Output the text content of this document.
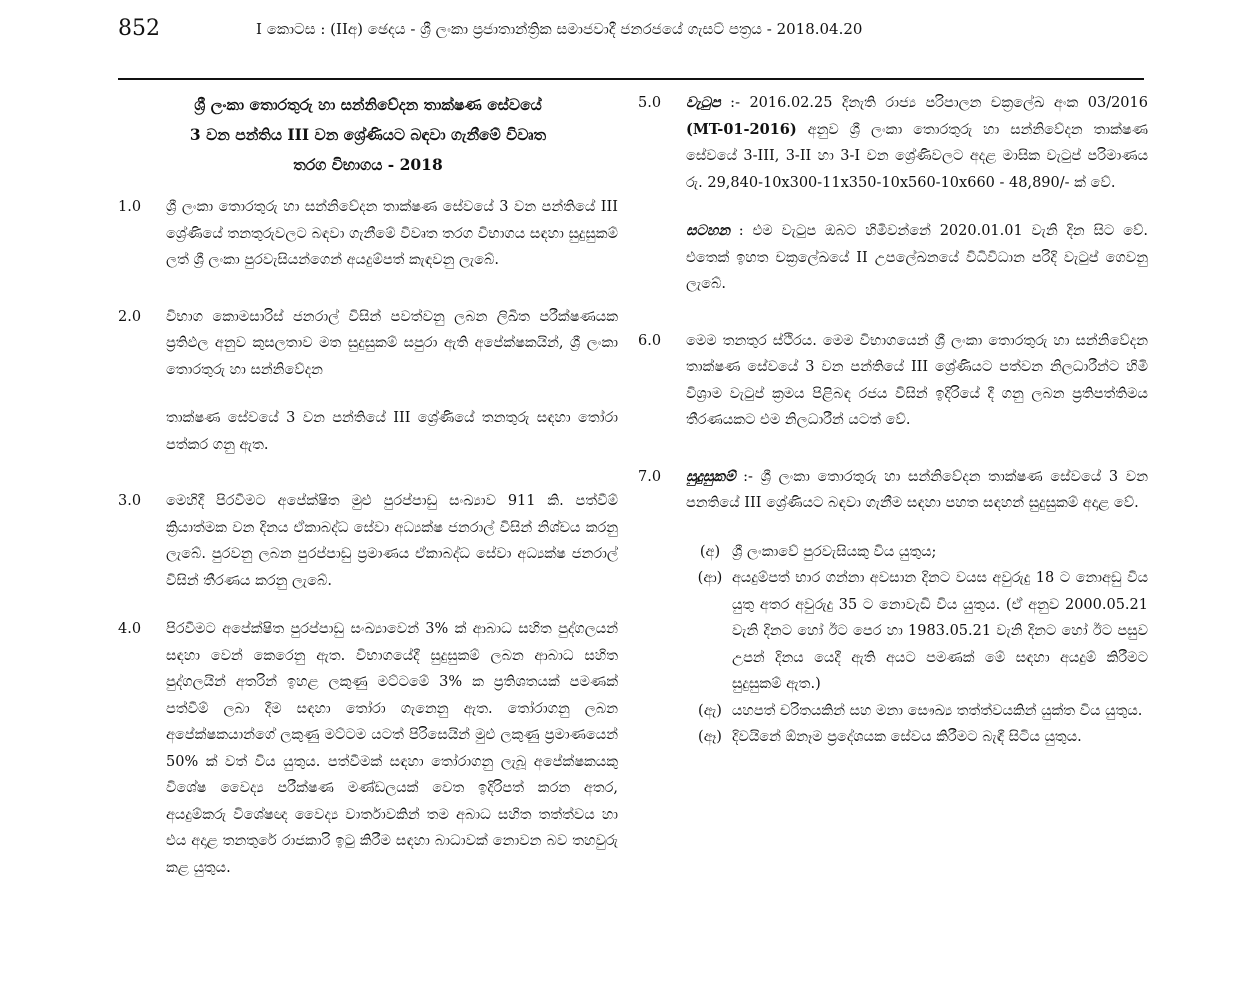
852	I කොටස : (IIඅ) ඡෙදය - ශ්‍රී ලංකා ප්‍රජාතාන්ත්‍රික සමාජවාදී ජනරජයේ ගැසට් පත්‍රය - 2018.04.20
ශ්‍රී ලංකා තොරතුරු හා සන්නිවේදන තාක්ෂණ සේවයේ
3 වන පන්තිය III වන ශ්‍රේණියට බඳවා ගැනීමේ විවෘත
තරග විභාගය - 2018
1.0	ශ්‍රී ලංකා තොරතුරු හා සන්නිවේදන තාක්ෂණ සේවයේ 3 වන පන්තියේ III ශ්‍රේණියේ තනතුරුවලට බඳවා ගැනීමේ විවෘත තරග විභාගය සඳහා සුදුසුකම් ලත් ශ්‍රී ලංකා පුරවැසියන්ගෙන් අයදුම්පත් කැඳවනු ලැබේ.
2.0	විභාග කොමසාරිස් ජනරාල් විසින් පවත්වනු ලබන ලිඛිත පරීක්ෂණයක ප්‍රතිඵල අනුව කුසලතාව මත සුදුසුකම් සපුරා ඇති අපේක්ෂකයින්, ශ්‍රී ලංකා තොරතුරු හා සන්නිවේදන
තාක්ෂණ සේවයේ 3 වන පන්තියේ III ශ්‍රේණියේ තනතුරු සඳහා තෝරා පත්කර ගනු ඇත.
3.0	මෙහිදී පිරවීමට අපේක්ෂිත මුළු පුරප්පාඩු සංඛ්‍යාව 911 කි. පත්වීම් ක්‍රියාත්මක වන දිනය ඒකාබද්ධ සේවා අධ්‍යක්ෂ ජනරාල් විසින් නිශ්චය කරනු ලැබේ. පුරවනු ලබන පුරප්පාඩු ප්‍රමාණය ඒකාබද්ධ සේවා අධ්‍යක්ෂ ජනරාල් විසින් තීරණය කරනු ලැබේ.
4.0	පිරවීමට අපේක්ෂිත පුරප්පාඩු සංඛ්‍යාවෙන් 3% ක් ආබාධ සහිත පුද්ගලයන් සඳහා වෙන් කෙරෙනු ඇත. විභාගයේදී සුදුසුකම් ලබන ආබාධ සහිත පුද්ගලයින් අතරින් ඉහළ ලකුණු මට්ටමේ 3% ක ප්‍රතිශතයක් පමණක් පත්වීම් ලබා දීම සඳහා තෝරා ගැනෙනු ඇත. තෝරාගනු ලබන අපේක්ෂකයාන්ගේ ලකුණු මට්ටම යටත් පිරිසෙයින් මුළු ලකුණු ප්‍රමාණයෙන් 50% ක් වත් විය යුතුය. පත්වීමක් සඳහා තෝරාගනු ලැබූ අපේක්ෂකයකු විශේෂ වෛද්‍ය පරීක්ෂණ මණ්ඩලයක් වෙත ඉදිරිපත් කරන අතර, අයදුම්කරු විශේෂඥ වෛද්‍ය වාර්තාවකින් තම අබාධ සහිත තත්ත්වය හා එය අදාළ තනතුරේ රාජකාරි ඉටු කිරීම සඳහා බාධාවක් නොවන බව තහවුරු කළ යුතුය.
5.0	වැටුප :- 2016.02.25 දිනැති රාජ්‍ය පරිපාලන චක්‍රලේඛ අංක 03/2016 (MT-01-2016) අනුව ශ්‍රී ලංකා තොරතුරු හා සන්නිවේදන තාක්ෂණ සේවයේ 3-III, 3-II හා 3-I වන ශ්‍රේණිවලට අදළ මාසික වැටුප් පරිමාණය රු. 29,840-10x300-11x350-10x560-10x660 - 48,890/- ක් වේ.
සටහන : එම වැටුප ඔබට හිමිවන්නේ 2020.01.01 වැනි දින සිට වේ. එතෙක් ඉහත චක්‍රලේඛයේ II උපලේඛනයේ විධිවිධාන පරිදි වැටුප් ගෙවනු ලැබේ.
6.0	මෙම තනතුර ස්ථිරය. මෙම විභාගයෙන් ශ්‍රී ලංකා තොරතුරු හා සන්නිවේදන තාක්ෂණ සේවයේ 3 වන පන්තියේ III ශ්‍රේණියට පත්වන නිලධාරීන්ට හිමි විශ්‍රාම වැටුප් ක්‍රමය පිළිබඳ රජය විසින් ඉදිරියේ දී ගනු ලබන ප්‍රතිපත්තිමය තීරණයකට එම නිලධාරීන් යටත් වේ.
7.0	සුදුසුකම් :- ශ්‍රී ලංකා තොරතුරු හා සන්නිවේදන තාක්ෂණ සේවයේ 3 වන පනතියේ III ශ්‍රේණියට බඳවා ගැනීම සඳහා පහත සඳහන් සුදුසුකම් අදාළ වේ.
(අ) ශ්‍රී ලංකාවේ පුරවැසියකු විය යුතුය;
(ආ) අයදුම්පත් භාර ගන්නා අවසාන දිනට වයස අවුරුදු 18 ට නොඅඩු විය යුතු අතර අවුරුදු 35 ට නොවැඩි විය යුතුය. (ඒ අනුව 2000.05.21 වැනි දිනට හෝ ඊට පෙර හා 1983.05.21 වැනි දිනට හෝ ඊට පසුව උපන් දිනය යෙදී ඇති අයට පමණක් මේ සඳහා අයදුම් කිරීමට සුදුසුකම් ඇත.)
(ඇ) යහපත් චරිතයකින් සහ මනා සෞඛ්‍ය තත්ත්වයකින් යුක්ත විය යුතුය.
(ඈ) දිවයිනේ ඕනෑම ප්‍රදේශයක සේවය කිරීමට බැඳී සිටිය යුතුය.
